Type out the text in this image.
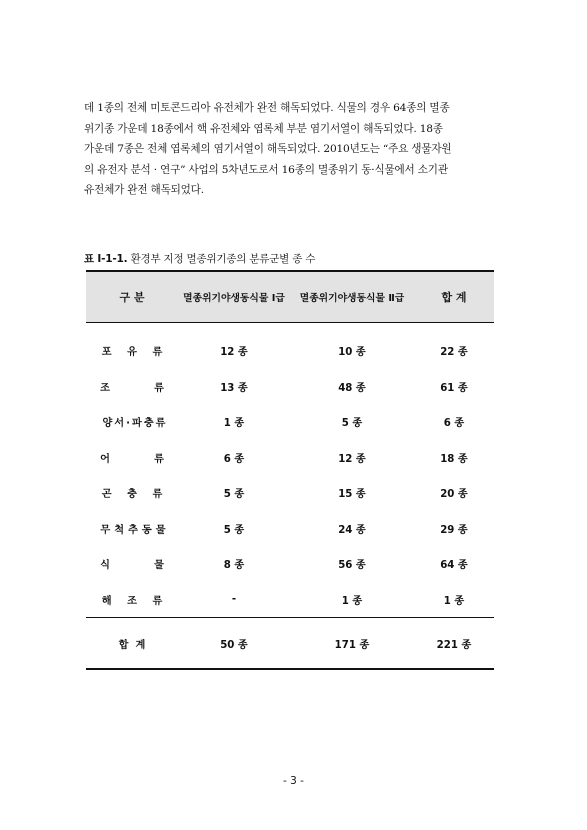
데 1종의 전체 미토콘드리아 유전체가 완전 해독되었다. 식물의 경우 64종의 멸종
위기종 가운데 18종에서 핵 유전체와 엽록체 부분 염기서열이 해독되었다. 18종
가운데 7종은 전체 엽록체의 염기서열이 해독되었다. 2010년도는 “주요 생물자원
의 유전자 분석 · 연구” 사업의 5차년도로서 16종의 멸종위기 동·식물에서 소기관
유전체가 완전 해독되었다.
표 Ⅰ-1-1. 환경부 지정 멸종위기종의 분류군별 종 수
구 분	멸종위기야생동식물 Ⅰ급	멸종위기야생동식물 Ⅱ급	합 계
포 유 류	12 종	10 종	22 종
조    류	13 종	48 종	61 종
양서·파충류	1 종	5 종	6 종
어    류	6 종	12 종	18 종
곤 충 류	5 종	15 종	20 종
무척추동물	5 종	24 종	29 종
식    물	8 종	56 종	64 종
해 조 류	-	1 종	1 종
합  계	50 종	171 종	221 종
- 3 -
